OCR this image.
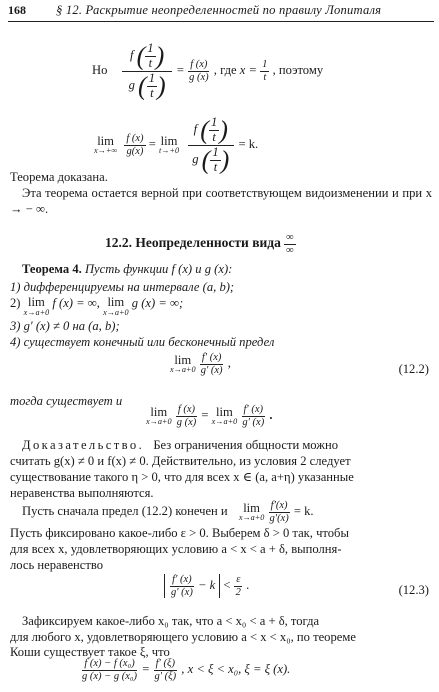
168 § 12. Раскрытие неопределенностей по правилу Лопиталя
Но $\frac{f ( \frac{1}{t} )}{g ( \frac{1}{t} )} = \frac{f (x)}{g (x)}$ , где $x = \frac{1}{t}$ , поэтому
lim
x→+∞
$\frac{f (x)}{g(x)} = \lim$
t→+0
$\frac{f ( \frac{1}{t} )}{g ( \frac{1}{t} )} = k$.
Теорема доказана.
Эта теорема остается верной при соответствующем видоизменении и при x → − ∞.
12.2. Неопределенности вида $\frac{\infty}{\infty}$
Теорема 4. Пусть функции f (x) и g (x):
1) дифференцируемы на интервале (a, b);
2) lim
x→a+0
f (x) = ∞, lim
x→a+0
g (x) = ∞;
3) g′ (x) ≠ 0 на (a, b);
4) существует конечный или бесконечный предел
lim
x→a+0
$\frac{f' (x)}{g' (x)}$ ,	(12.2)
тогда существует и
lim
x→a+0
$\frac{f (x)}{g (x)} = \lim$
x→a+0
$\frac{f' (x)}{g' (x)}$ .
Доказательство. Без ограничения общности можно
считать g(x) ≠ 0 и f(x) ≠ 0. Действительно, из условия 2 следует
существование такого η > 0, что для всех x ∈ (a, a+η) указанные
неравенства выполняются.
Пусть сначала предел (12.2) конечен и lim
x→a+0
$\frac{f'(x)}{g'(x)} = k$.
Пусть фиксировано какое-либо ε > 0. Выберем δ > 0 так, чтобы
для всех x, удовлетворяющих условию a < x < a + δ, выполня-
лось неравенство
$\frac{f' (x)}{g' (x)} - k < \frac{\varepsilon}{2}$ .	(12.3)
Зафиксируем какое-либо x₀ так, что a < x₀ < a + δ, тогда
для любого x, удовлетворяющего условию a < x < x₀, по теореме
Коши существует такое ξ, что
$\frac{\text{f (x) − f (x₀)}}{\text{g (x) − g (x₀)}} = \frac{f' (\xi)}{g' (\xi)}$ , x < ξ < x₀, ξ = ξ (x).
